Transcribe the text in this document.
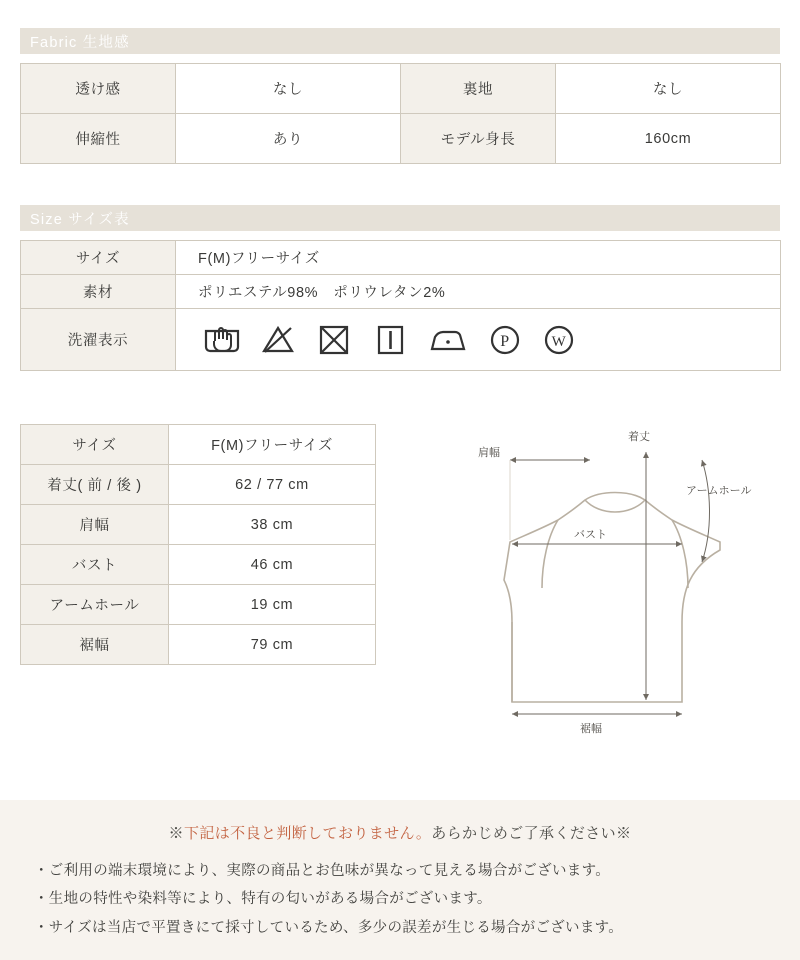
Fabric 生地感
透け感	なし	裏地	なし
伸縮性	あり	モデル身長	160cm
Size サイズ表
サイズ	F(M)フリーサイズ
素材	ポリエステル98%　ポリウレタン2%
洗濯表示	P W
サイズ	F(M)フリーサイズ
着丈( 前 / 後 )	62 / 77 cm
肩幅	38 cm
バスト	46 cm
アームホール	19 cm
裾幅	79 cm
肩幅
着丈
アームホール
バスト
裾幅
※下記は不良と判断しておりません。あらかじめご了承ください※
・ご利用の端末環境により、実際の商品とお色味が異なって見える場合がございます。
・生地の特性や染料等により、特有の匂いがある場合がございます。
・サイズは当店で平置きにて採寸しているため、多少の誤差が生じる場合がございます。
